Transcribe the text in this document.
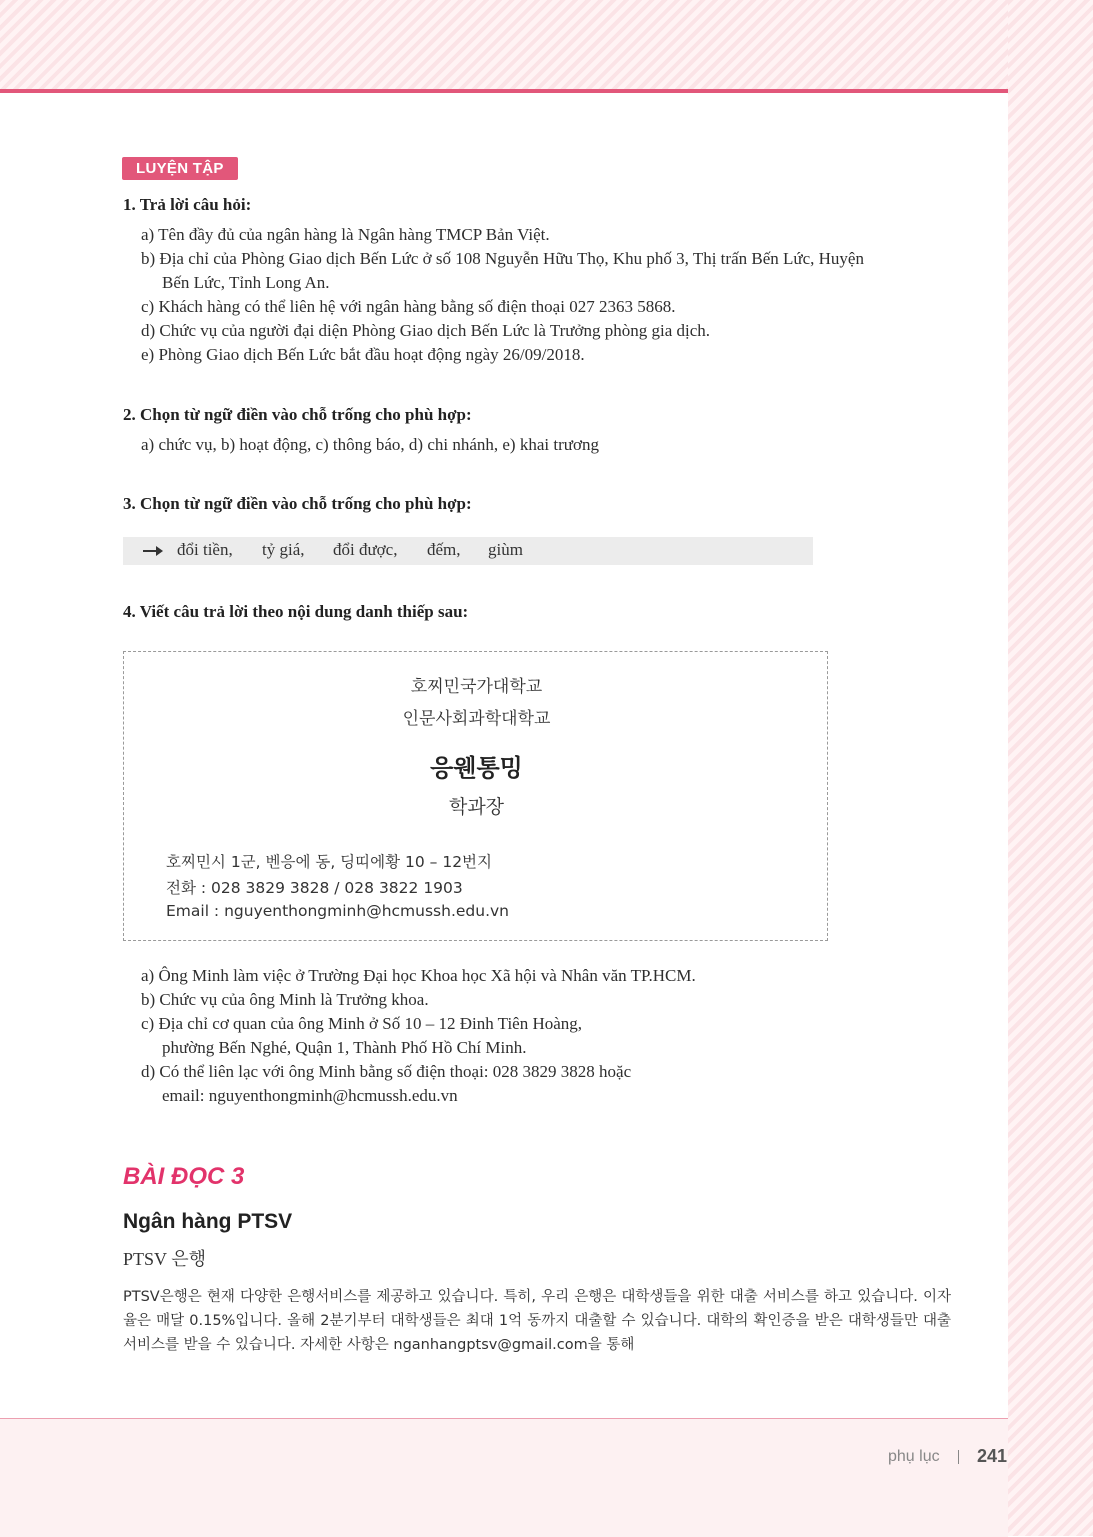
LUYỆN TẬP
1. Trả lời câu hỏi:
a) Tên đầy đủ của ngân hàng là Ngân hàng TMCP Bản Việt.
b) Địa chỉ của Phòng Giao dịch Bến Lức ở số 108 Nguyễn Hữu Thọ, Khu phố 3, Thị trấn Bến Lức, Huyện
Bến Lức, Tỉnh Long An.
c) Khách hàng có thể liên hệ với ngân hàng bằng số điện thoại 027 2363 5868.
d) Chức vụ của người đại diện Phòng Giao dịch Bến Lức là Trưởng phòng gia dịch.
e) Phòng Giao dịch Bến Lức bắt đầu hoạt động ngày 26/09/2018.
2. Chọn từ ngữ điền vào chỗ trống cho phù hợp:
a) chức vụ, b) hoạt động, c) thông báo, d) chi nhánh, e) khai trương
3. Chọn từ ngữ điền vào chỗ trống cho phù hợp:
đổi tiền, tỷ giá, đổi được, đếm, giùm
4. Viết câu trả lời theo nội dung danh thiếp sau:
호찌민국가대학교
인문사회과학대학교
응웬통밍
학과장
호찌민시 1군, 벤응에 동, 딩띠에황 10 – 12번지
전화 : 028 3829 3828 / 028 3822 1903
Email : nguyenthongminh@hcmussh.edu.vn
a) Ông Minh làm việc ở Trường Đại học Khoa học Xã hội và Nhân văn TP.HCM.
b) Chức vụ của ông Minh là Trưởng khoa.
c) Địa chỉ cơ quan của ông Minh ở Số 10 – 12 Đinh Tiên Hoàng,
phường Bến Nghé, Quận 1, Thành Phố Hồ Chí Minh.
d) Có thể liên lạc với ông Minh bằng số điện thoại: 028 3829 3828 hoặc
email: nguyenthongminh@hcmussh.edu.vn
BÀI ĐỌC 3
Ngân hàng PTSV
PTSV 은행
PTSV은행은 현재 다양한 은행서비스를 제공하고 있습니다. 특히, 우리 은행은 대학생들을 위한 대출 서비스를 하고 있습니다. 이자율은 매달 0.15%입니다. 올해 2분기부터 대학생들은 최대 1억 동까지 대출할 수 있습니다. 대학의 확인증을 받은 대학생들만 대출 서비스를 받을 수 있습니다. 자세한 사항은 nganhangptsv@gmail.com을 통해
phụ lục 241
